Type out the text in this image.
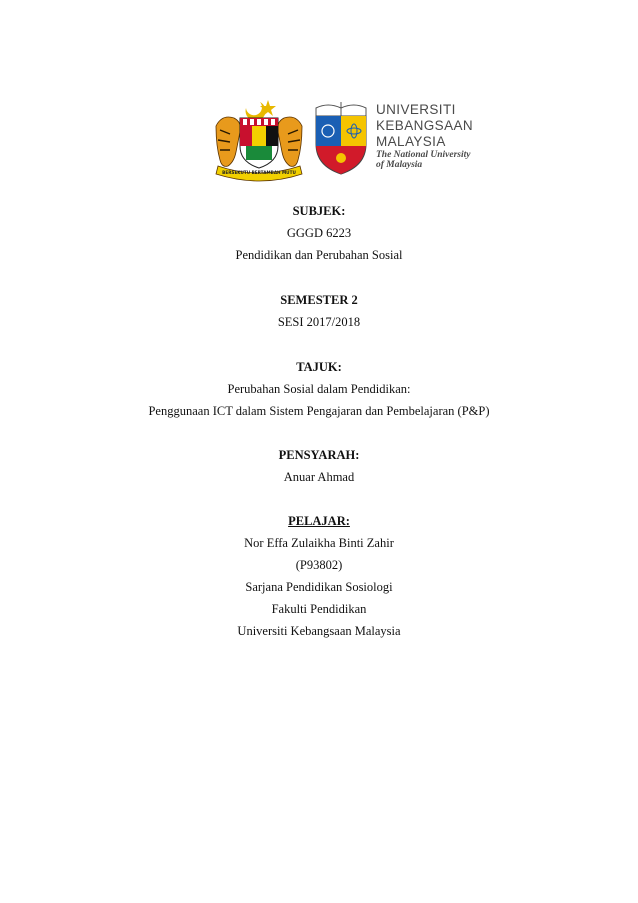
BERSEKUTU BERTAMBAH MUTU
UNIVERSITI
KEBANGSAAN
MALAYSIA
The National University
of Malaysia
SUBJEK:
GGGD 6223
Pendidikan dan Perubahan Sosial
SEMESTER 2
SESI 2017/2018
TAJUK:
Perubahan Sosial dalam Pendidikan:
Penggunaan ICT dalam Sistem Pengajaran dan Pembelajaran (P&P)
PENSYARAH:
Anuar Ahmad
PELAJAR:
Nor Effa Zulaikha Binti Zahir
(P93802)
Sarjana Pendidikan Sosiologi
Fakulti Pendidikan
Universiti Kebangsaan Malaysia
